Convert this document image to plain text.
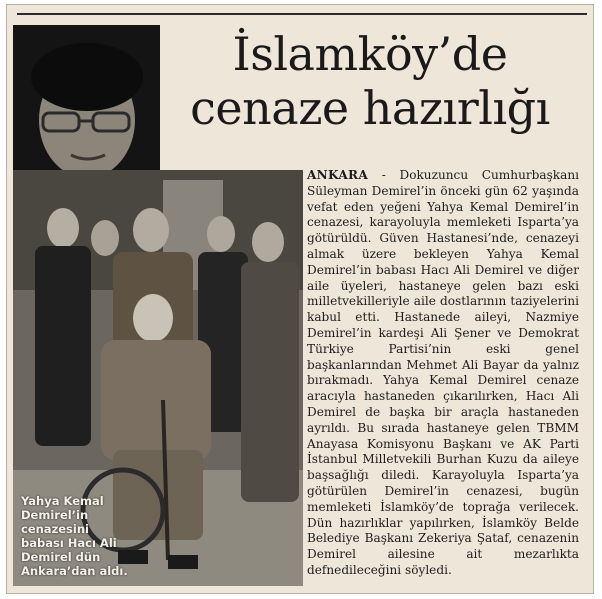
İslamköy’de
cenaze hazırlığı
Yahya Kemal Demirel’in cenazesini babası Hacı Ali Demirel dün Ankara’dan aldı.
ANKARA - Dokuzuncu Cumhurbaşkanı Süleyman Demirel’in önceki gün 62 yaşında vefat eden yeğeni Yahya Kemal Demirel’in cenazesi, karayoluyla memleketi Isparta’ya götürüldü. Güven Hastanesi’nde, cenazeyi almak üzere bekleyen Yahya Kemal Demirel’in babası Hacı Ali Demirel ve diğer aile üyeleri, hastaneye gelen bazı eski milletvekilleriyle aile dostlarının taziyelerini kabul etti. Hastanede aileyi, Nazmiye Demirel’in kardeşi Ali Şener ve Demokrat Türkiye Partisi’nin eski genel başkanlarından Mehmet Ali Bayar da yalnız bırakmadı. Yahya Kemal Demirel cenaze aracıyla hastaneden çıkarılırken, Hacı Ali Demirel de başka bir araçla hastaneden ayrıldı. Bu sırada hastaneye gelen TBMM Anayasa Komisyonu Başkanı ve AK Parti İstanbul Milletvekili Burhan Kuzu da aileye başsağlığı diledi. Karayoluyla Isparta’ya götürülen Demirel’in cenazesi, bugün memleketi İslamköy’de toprağa verilecek. Dün hazırlıklar yapılırken, İslamköy Belde Belediye Başkanı Zekeriya Şataf, cenazenin Demirel ailesine ait mezarlıkta defnedileceğini söyledi.
